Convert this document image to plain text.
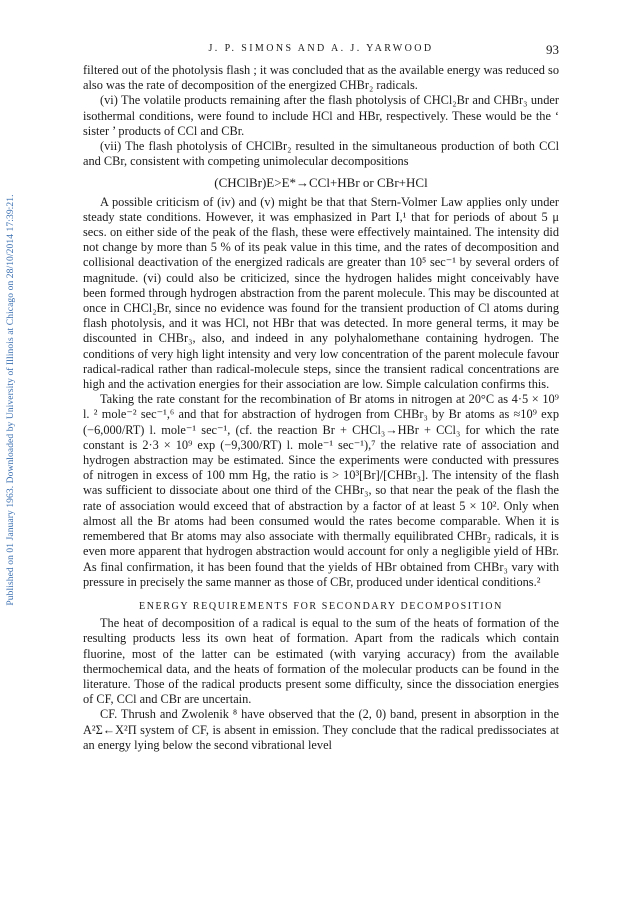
Published on 01 January 1963. Downloaded by University of Illinois at Chicago on 28/10/2014 17:39:21.
J. P. SIMONS AND A. J. YARWOOD	93

filtered out of the photolysis flash ; it was concluded that as the available energy was reduced so also was the rate of decomposition of the energized CHBr₂ radicals.

(vi) The volatile products remaining after the flash photolysis of CHCl₂Br and CHBr₃ under isothermal conditions, were found to include HCl and HBr, respectively. These would be the ‘ sister ’ products of CCl and CBr.

(vii) The flash photolysis of CHClBr₂ resulted in the simultaneous production of both CCl and CBr, consistent with competing unimolecular decompositions

(CHClBr)E>E*→CCl+HBr or CBr+HCl

A possible criticism of (iv) and (v) might be that that Stern-Volmer Law applies only under steady state conditions. However, it was emphasized in Part I,¹ that for periods of about 5 μ secs. on either side of the peak of the flash, these were effectively maintained. The intensity did not change by more than 5 % of its peak value in this time, and the rates of decomposition and collisional deactivation of the energized radicals are greater than 10⁵ sec⁻¹ by several orders of magnitude. (vi) could also be criticized, since the hydrogen halides might conceivably have been formed through hydrogen abstraction from the parent molecule. This may be discounted at once in CHCl₂Br, since no evidence was found for the transient production of Cl atoms during flash photolysis, and it was HCl, not HBr that was detected. In more general terms, it may be discounted in CHBr₃, also, and indeed in any polyhalomethane containing hydrogen. The conditions of very high light intensity and very low concentration of the parent molecule favour radical-radical rather than radical-molecule steps, since the transient radical concentrations are high and the activation energies for their association are low. Simple calculation confirms this.

Taking the rate constant for the recombination of Br atoms in nitrogen at 20°C as 4·5 × 10⁹ l. ² mole⁻² sec⁻¹,⁶ and that for abstraction of hydrogen from CHBr₃ by Br atoms as ≈10⁹ exp (−6,000/RT) l. mole⁻¹ sec⁻¹, (cf. the reaction Br + CHCl₃→HBr + CCl₃ for which the rate constant is 2·3 × 10⁹ exp (−9,300/RT) l. mole⁻¹ sec⁻¹),⁷ the relative rate of association and hydrogen abstraction may be estimated. Since the experiments were conducted with pressures of nitrogen in excess of 100 mm Hg, the ratio is > 10³[Br]/[CHBr₃]. The intensity of the flash was sufficient to dissociate about one third of the CHBr₃, so that near the peak of the flash the rate of association would exceed that of abstraction by a factor of at least 5 × 10². Only when almost all the Br atoms had been consumed would the rates become comparable. When it is remembered that Br atoms may also associate with thermally equilibrated CHBr₂ radicals, it is even more apparent that hydrogen abstraction would account for only a negligible yield of HBr. As final confirmation, it has been found that the yields of HBr obtained from CHBr₃ vary with pressure in precisely the same manner as those of CBr, produced under identical conditions.²

ENERGY REQUIREMENTS FOR SECONDARY DECOMPOSITION

The heat of decomposition of a radical is equal to the sum of the heats of formation of the resulting products less its own heat of formation. Apart from the radicals which contain fluorine, most of the latter can be estimated (with varying accuracy) from the available thermochemical data, and the heats of formation of the molecular products can be found in the literature. Those of the radical products present some difficulty, since the dissociation energies of CF, CCl and CBr are uncertain.

CF. Thrush and Zwolenik ⁸ have observed that the (2, 0) band, present in absorption in the A²Σ←X²Π system of CF, is absent in emission. They conclude that the radical predissociates at an energy lying below the second vibrational level
